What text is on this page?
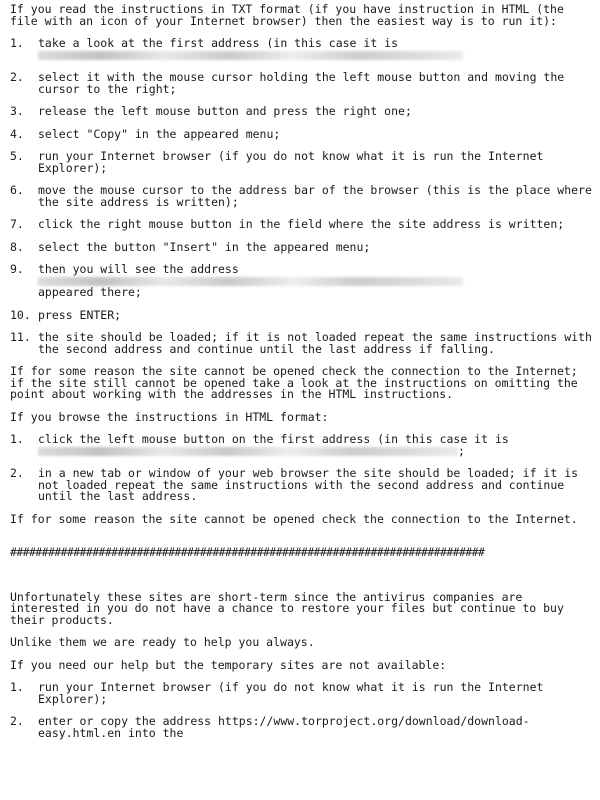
If you read the instructions in TXT format (if you have instruction in HTML (the file with an icon of your Internet browser) then the easiest way is to run it):

1.	take a look at the first address (in this case it is

2.	select it with the mouse cursor holding the left mouse button and moving the cursor to the right;
3.	release the left mouse button and press the right one;
4.	select "Copy" in the appeared menu;
5.	run your Internet browser (if you do not know what it is run the Internet Explorer);
6.	move the mouse cursor to the address bar of the browser (this is the place where the site address is written);
7.	click the right mouse button in the field where the site address is written;
8.	select the button "Insert" in the appeared menu;
9.	then you will see the address

appeared there;
10. press ENTER;
11. the site should be loaded; if it is not loaded repeat the same instructions with the second address and continue until the last address if falling.

If for some reason the site cannot be opened check the connection to the Internet; if the site still cannot be opened take a look at the instructions on omitting the point about working with the addresses in the HTML instructions.

If you browse the instructions in HTML format:

1.	click the left mouse button on the first address (in this case it is
;
2.	in a new tab or window of your web browser the site should be loaded; if it is not loaded repeat the same instructions with the second address and continue until the last address.

If for some reason the site cannot be opened check the connection to the Internet.

###########################################################################

Unfortunately these sites are short-term since the antivirus companies are interested in you do not have a chance to restore your files but continue to buy their products.

Unlike them we are ready to help you always.

If you need our help but the temporary sites are not available:

1.	run your Internet browser (if you do not know what it is run the Internet Explorer);
2.	enter or copy the address https://www.torproject.org/download/download-easy.html.en into the
